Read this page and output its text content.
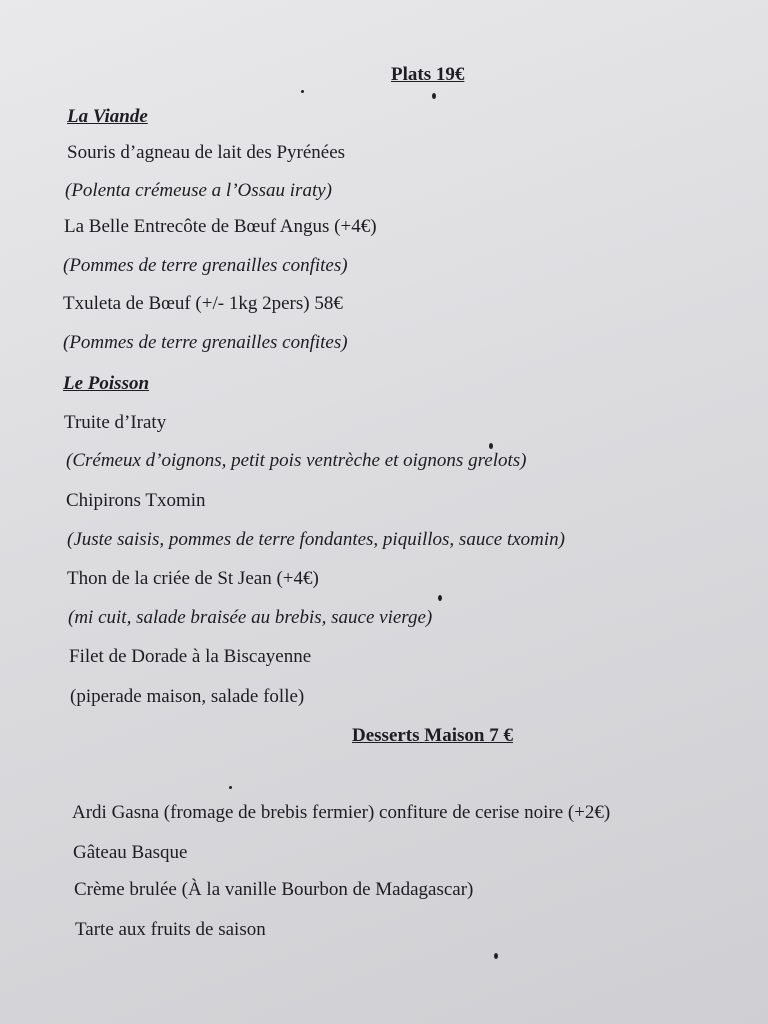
Plats 19€
La Viande
Souris d’agneau de lait des Pyrénées
(Polenta crémeuse a l’Ossau iraty)
La Belle Entrecôte de Bœuf Angus (+4€)
(Pommes de terre grenailles confites)
Txuleta de Bœuf (+/- 1kg 2pers) 58€
(Pommes de terre grenailles confites)
Le Poisson
Truite d’Iraty
(Crémeux d’oignons, petit pois ventrèche et oignons grelots)
Chipirons Txomin
(Juste saisis, pommes de terre fondantes, piquillos, sauce txomin)
Thon de la criée de St Jean (+4€)
(mi cuit, salade braisée au brebis, sauce vierge)
Filet de Dorade à la Biscayenne
(piperade maison, salade folle)
Desserts Maison 7 €
Ardi Gasna (fromage de brebis fermier) confiture de cerise noire (+2€)
Gâteau Basque
Crème brulée (À la vanille Bourbon de Madagascar)
Tarte aux fruits de saison
